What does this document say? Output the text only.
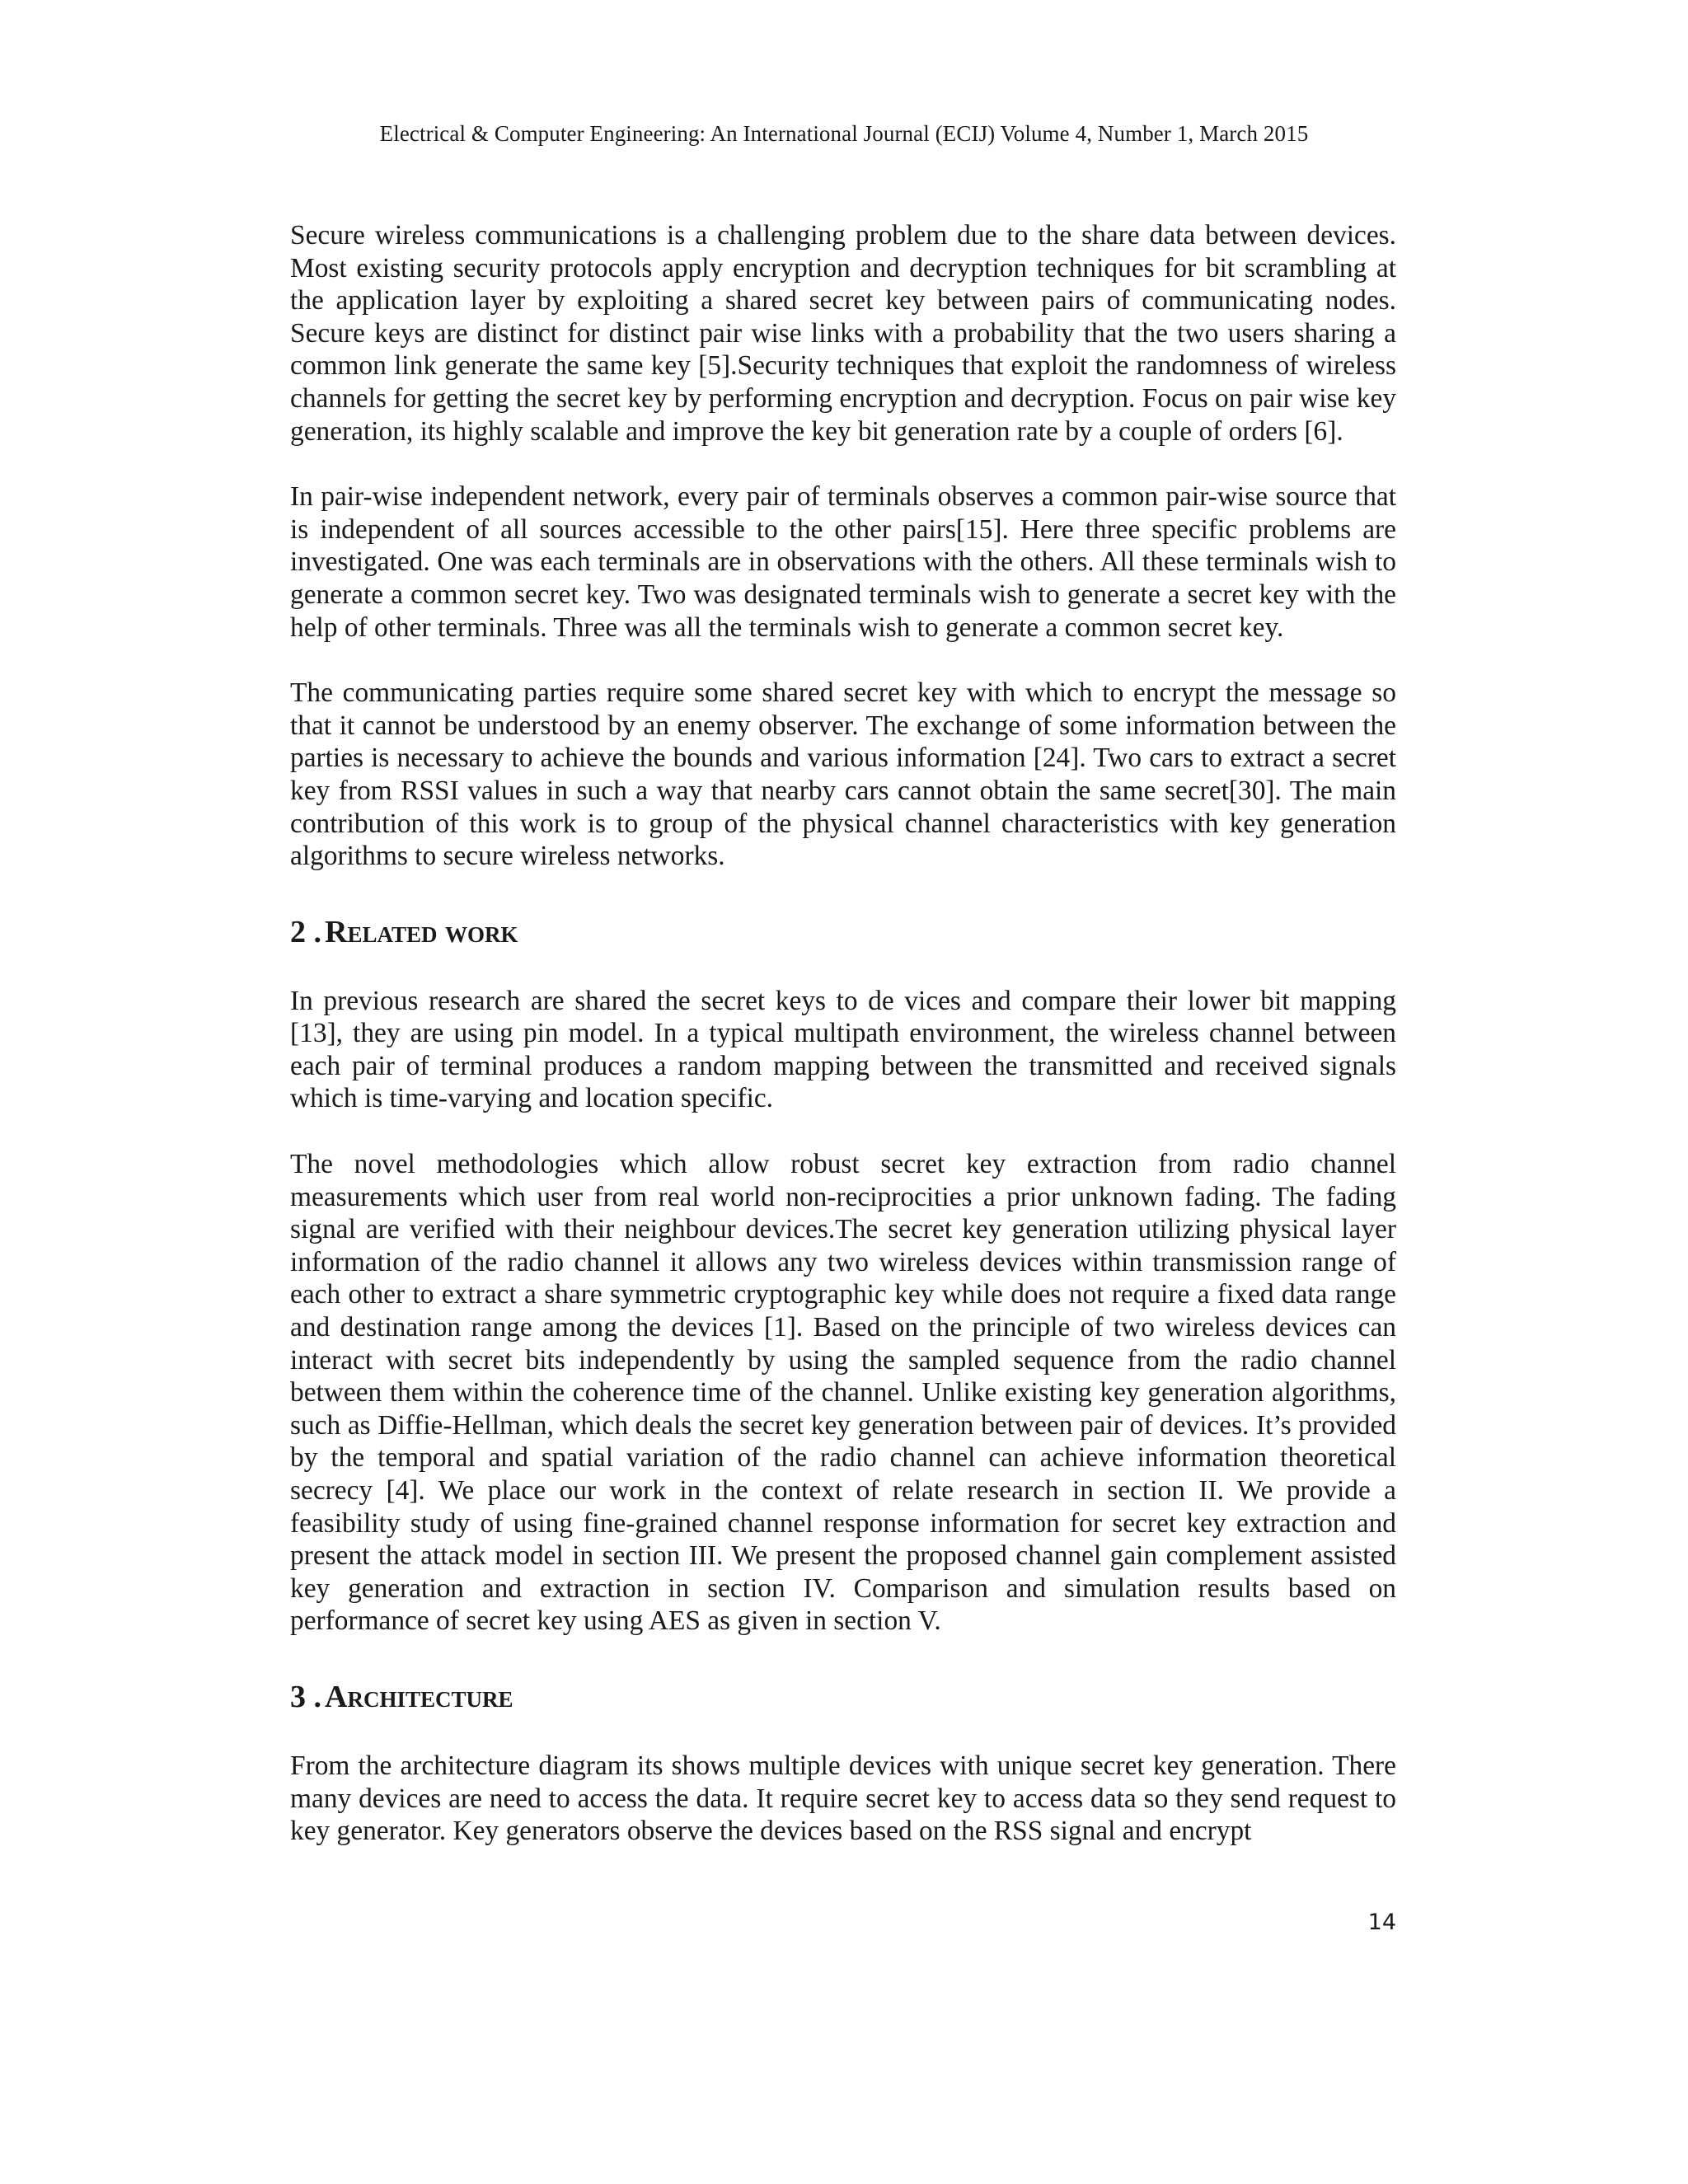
Electrical & Computer Engineering: An International Journal (ECIJ) Volume 4, Number 1, March 2015

Secure wireless communications is a challenging problem due to the share data between devices. Most existing security protocols apply encryption and decryption techniques for bit scrambling at the application layer by exploiting a shared secret key between pairs of communicating nodes. Secure keys are distinct for distinct pair wise links with a probability that the two users sharing a common link generate the same key [5].Security techniques that exploit the randomness of wireless channels for getting the secret key by performing encryption and decryption. Focus on pair wise key generation, its highly scalable and improve the key bit generation rate by a couple of orders [6].

In pair-wise independent network, every pair of terminals observes a common pair-wise source that is independent of all sources accessible to the other pairs[15]. Here three specific problems are investigated. One was each terminals are in observations with the others. All these terminals wish to generate a common secret key. Two was designated terminals wish to generate a secret key with the help of other terminals. Three was all the terminals wish to generate a common secret key.

The communicating parties require some shared secret key with which to encrypt the message so that it cannot be understood by an enemy observer. The exchange of some information between the parties is necessary to achieve the bounds and various information [24]. Two cars to extract a secret key from RSSI values in such a way that nearby cars cannot obtain the same secret[30]. The main contribution of this work is to group of the physical channel characteristics with key generation algorithms to secure wireless networks.

2 . Related work

In previous research are shared the secret keys to de vices and compare their lower bit mapping [13], they are using pin model. In a typical multipath environment, the wireless channel between each pair of terminal produces a random mapping between the transmitted and received signals which is time-varying and location specific.

The novel methodologies which allow robust secret key extraction from radio channel measurements which user from real world non-reciprocities a prior unknown fading. The fading signal are verified with their neighbour devices.The secret key generation utilizing physical layer information of the radio channel it allows any two wireless devices within transmission range of each other to extract a share symmetric cryptographic key while does not require a fixed data range and destination range among the devices [1]. Based on the principle of two wireless devices can interact with secret bits independently by using the sampled sequence from the radio channel between them within the coherence time of the channel. Unlike existing key generation algorithms, such as Diffie-Hellman, which deals the secret key generation between pair of devices. It’s provided by the temporal and spatial variation of the radio channel can achieve information theoretical secrecy [4]. We place our work in the context of relate research in section II. We provide a feasibility study of using fine-grained channel response information for secret key extraction and present the attack model in section III. We present the proposed channel gain complement assisted key generation and extraction in section IV. Comparison and simulation results based on performance of secret key using AES as given in section V.

3 . Architecture

From the architecture diagram its shows multiple devices with unique secret key generation. There many devices are need to access the data. It require secret key to access data so they send request to key generator. Key generators observe the devices based on the RSS signal and encrypt

14
